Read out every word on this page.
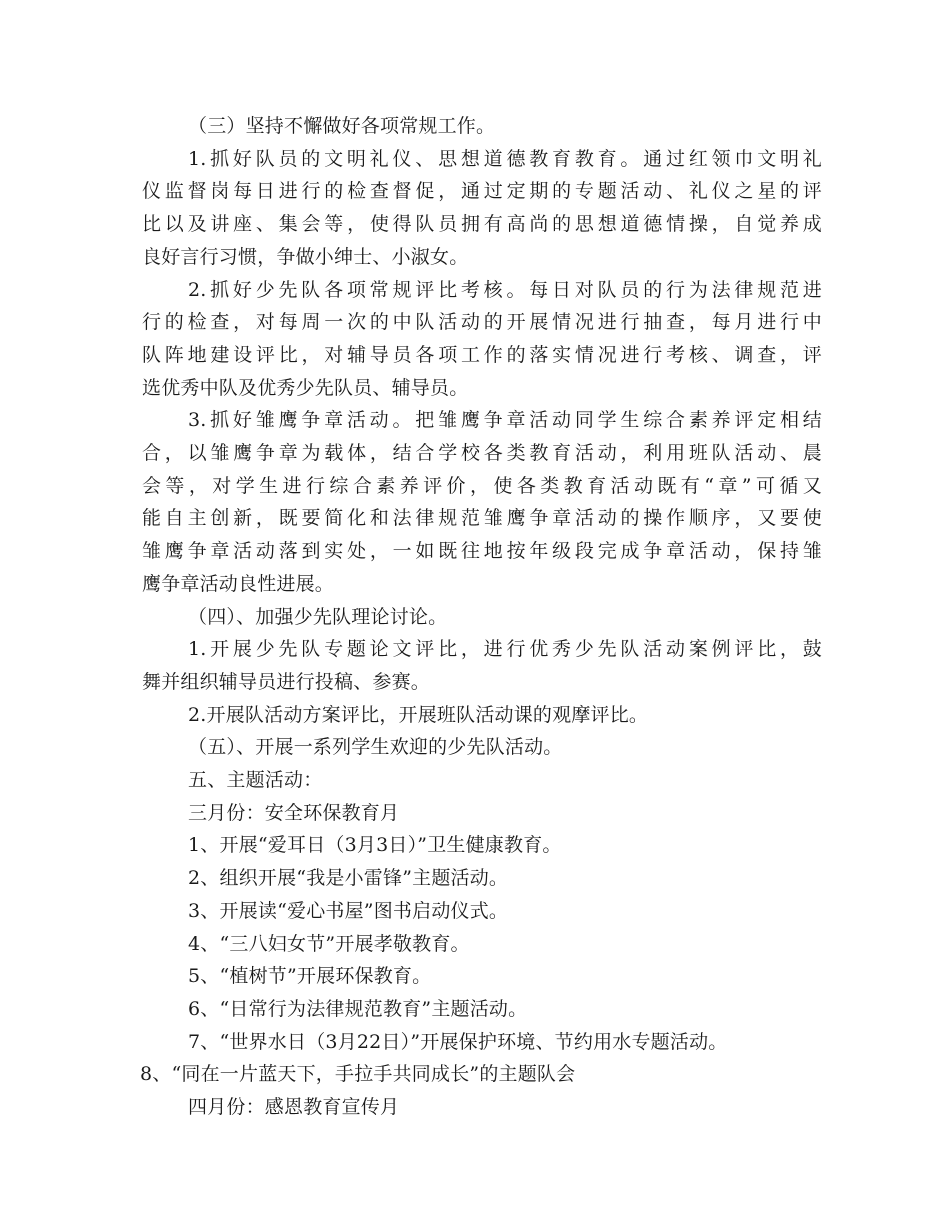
（三）坚持不懈做好各项常规工作。
1.抓好队员的文明礼仪、思想道德教育教育。通过红领巾文明礼
仪监督岗每日进行的检查督促，通过定期的专题活动、礼仪之星的评
比以及讲座、集会等，使得队员拥有高尚的思想道德情操，自觉养成
良好言行习惯，争做小绅士、小淑女。
2.抓好少先队各项常规评比考核。每日对队员的行为法律规范进
行的检查，对每周一次的中队活动的开展情况进行抽查，每月进行中
队阵地建设评比，对辅导员各项工作的落实情况进行考核、调查，评
选优秀中队及优秀少先队员、辅导员。
3.抓好雏鹰争章活动。把雏鹰争章活动同学生综合素养评定相结
合，以雏鹰争章为载体，结合学校各类教育活动，利用班队活动、晨
会等，对学生进行综合素养评价，使各类教育活动既有“章”可循又
能自主创新，既要简化和法律规范雏鹰争章活动的操作顺序，又要使
雏鹰争章活动落到实处，一如既往地按年级段完成争章活动，保持雏
鹰争章活动良性进展。
（四）、加强少先队理论讨论。
1.开展少先队专题论文评比，进行优秀少先队活动案例评比，鼓
舞并组织辅导员进行投稿、参赛。
2.开展队活动方案评比，开展班队活动课的观摩评比。
（五）、开展一系列学生欢迎的少先队活动。
五、主题活动：
三月份：安全环保教育月
1、开展“爱耳日（3月3日）”卫生健康教育。
2、组织开展“我是小雷锋”主题活动。
3、开展读“爱心书屋”图书启动仪式。
4、“三八妇女节”开展孝敬教育。
5、“植树节”开展环保教育。
6、“日常行为法律规范教育”主题活动。
7、“世界水日（3月22日）”开展保护环境、节约用水专题活动。
8、“同在一片蓝天下，手拉手共同成长”的主题队会
四月份：感恩教育宣传月
